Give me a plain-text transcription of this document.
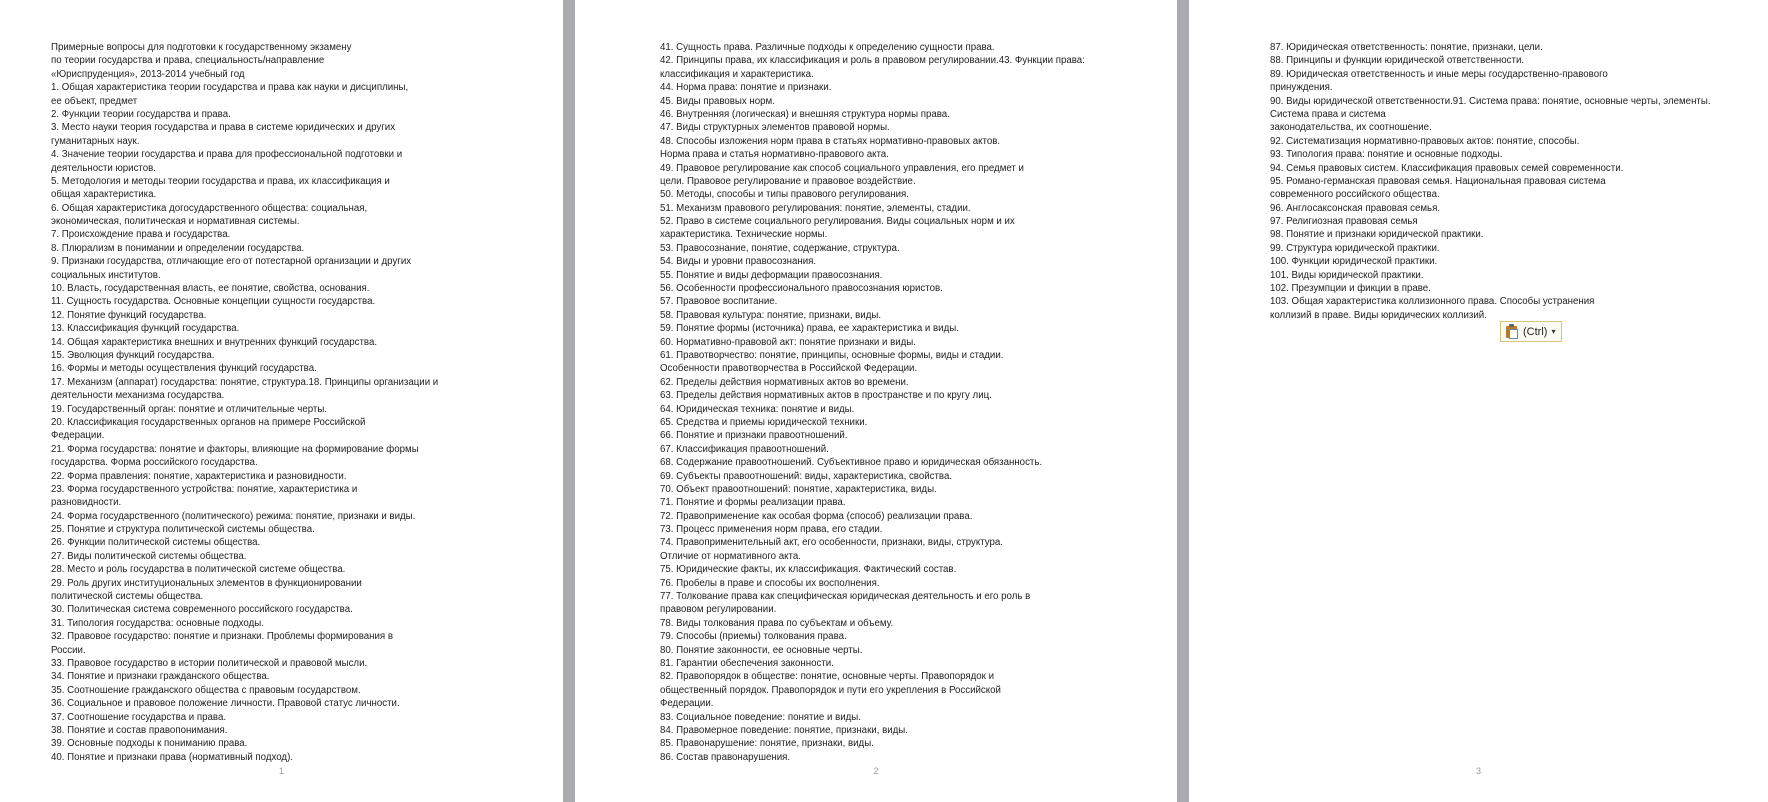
Примерные вопросы для подготовки к государственному экзамену
по теории государства и права, специальность/направление
«Юриспруденция», 2013-2014 учебный год
1. Общая характеристика теории государства и права как науки и дисциплины,
ее объект, предмет
2. Функции теории государства и права.
3. Место науки теория государства и права в системе юридических и других
гуманитарных наук.
4. Значение теории государства и права для профессиональной подготовки и
деятельности юристов.
5. Методология и методы теории государства и права, их классификация и
общая характеристика.
6. Общая характеристика догосударственного общества: социальная,
экономическая, политическая и нормативная системы.
7. Происхождение права и государства.
8. Плюрализм в понимании и определении государства.
9. Признаки государства, отличающие его от потестарной организации и других
социальных институтов.
10. Власть, государственная власть, ее понятие, свойства, основания.
11. Сущность государства. Основные концепции сущности государства.
12. Понятие функций государства.
13. Классификация функций государства.
14. Общая характеристика внешних и внутренних функций государства.
15. Эволюция функций государства.
16. Формы и методы осуществления функций государства.
17. Механизм (аппарат) государства: понятие, структура.18. Принципы организации и
деятельности механизма государства.
19. Государственный орган: понятие и отличительные черты.
20. Классификация государственных органов на примере Российской
Федерации.
21. Форма государства: понятие и факторы, влияющие на формирование формы
государства. Форма российского государства.
22. Форма правления: понятие, характеристика и разновидности.
23. Форма государственного устройства: понятие, характеристика и
разновидности.
24. Форма государственного (политического) режима: понятие, признаки и виды.
25. Понятие и структура политической системы общества.
26. Функции политической системы общества.
27. Виды политической системы общества.
28. Место и роль государства в политической системе общества.
29. Роль других институциональных элементов в функционировании
политической системы общества.
30. Политическая система современного российского государства.
31. Типология государства: основные подходы.
32. Правовое государство: понятие и признаки. Проблемы формирования в
России.
33. Правовое государство в истории политической и правовой мысли.
34. Понятие и признаки гражданского общества.
35. Соотношение гражданского общества с правовым государством.
36. Социальное и правовое положение личности. Правовой статус личности.
37. Соотношение государства и права.
38. Понятие и состав правопонимания.
39. Основные подходы к пониманию права.
40. Понятие и признаки права (нормативный подход).
1
41. Сущность права. Различные подходы к определению сущности права.
42. Принципы права, их классификация и роль в правовом регулировании.43. Функции права:
классификация и характеристика.
44. Норма права: понятие и признаки.
45. Виды правовых норм.
46. Внутренняя (логическая) и внешняя структура нормы права.
47. Виды структурных элементов правовой нормы.
48. Способы изложения норм права в статьях нормативно-правовых актов.
Норма права и статья нормативно-правового акта.
49. Правовое регулирование как способ социального управления, его предмет и
цели. Правовое регулирование и правовое воздействие.
50. Методы, способы и типы правового регулирования.
51. Механизм правового регулирования: понятие, элементы, стадии.
52. Право в системе социального регулирования. Виды социальных норм и их
характеристика. Технические нормы.
53. Правосознание, понятие, содержание, структура.
54. Виды и уровни правосознания.
55. Понятие и виды деформации правосознания.
56. Особенности профессионального правосознания юристов.
57. Правовое воспитание.
58. Правовая культура: понятие, признаки, виды.
59. Понятие формы (источника) права, ее характеристика и виды.
60. Нормативно-правовой акт: понятие признаки и виды.
61. Правотворчество: понятие, принципы, основные формы, виды и стадии.
Особенности правотворчества в Российской Федерации.
62. Пределы действия нормативных актов во времени.
63. Пределы действия нормативных актов в пространстве и по кругу лиц.
64. Юридическая техника: понятие и виды.
65. Средства и приемы юридической техники.
66. Понятие и признаки правоотношений.
67. Классификация правоотношений.
68. Содержание правоотношений. Субъективное право и юридическая обязанность.
69. Субъекты правоотношений: виды, характеристика, свойства.
70. Объект правоотношений: понятие, характеристика, виды.
71. Понятие и формы реализации права.
72. Правоприменение как особая форма (способ) реализации права.
73. Процесс применения норм права, его стадии.
74. Правоприменительный акт, его особенности, признаки, виды, структура.
Отличие от нормативного акта.
75. Юридические факты, их классификация. Фактический состав.
76. Пробелы в праве и способы их восполнения.
77. Толкование права как специфическая юридическая деятельность и его роль в
правовом регулировании.
78. Виды толкования права по субъектам и объему.
79. Способы (приемы) толкования права.
80. Понятие законности, ее основные черты.
81. Гарантии обеспечения законности.
82. Правопорядок в обществе: понятие, основные черты. Правопорядок и
общественный порядок. Правопорядок и пути его укрепления в Российской
Федерации.
83. Социальное поведение: понятие и виды.
84. Правомерное поведение: понятие, признаки, виды.
85. Правонарушение: понятие, признаки, виды.
86. Состав правонарушения.
2
87. Юридическая ответственность: понятие, признаки, цели.
88. Принципы и функции юридической ответственности.
89. Юридическая ответственность и иные меры государственно-правового
принуждения.
90. Виды юридической ответственности.91. Система права: понятие, основные черты, элементы.
Система права и система
законодательства, их соотношение.
92. Систематизация нормативно-правовых актов: понятие, способы.
93. Типология права: понятие и основные подходы.
94. Семья правовых систем. Классификация правовых семей современности.
95. Романо-германская правовая семья. Национальная правовая система
современного российского общества.
96. Англосаксонская правовая семья.
97. Религиозная правовая семья
98. Понятие и признаки юридической практики.
99. Структура юридической практики.
100. Функции юридической практики.
101. Виды юридической практики.
102. Презумпции и фикции в праве.
103. Общая характеристика коллизионного права. Способы устранения
коллизий в праве. Виды юридических коллизий.
3
(Ctrl) ▾
